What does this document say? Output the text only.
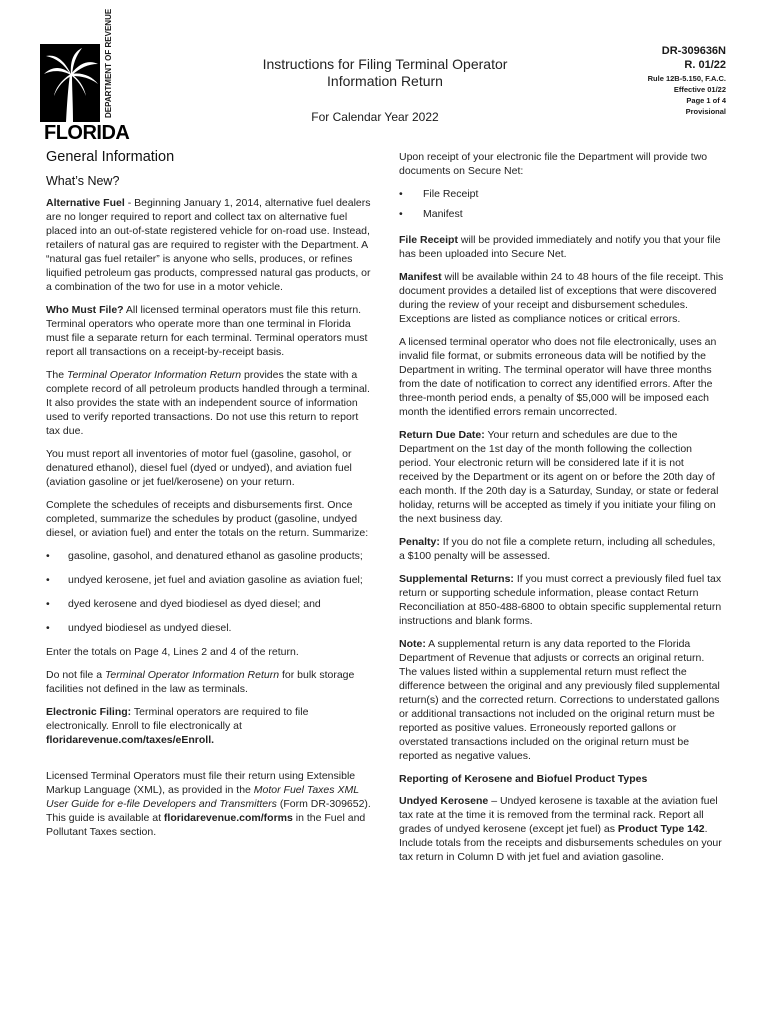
DEPARTMENT OF REVENUE
FLORIDA
Instructions for Filing Terminal Operator Information Return
For Calendar Year 2022
DR-309636N
R. 01/22
Rule 12B-5.150, F.A.C.
Effective 01/22
Page 1 of 4
Provisional
General Information
What’s New?

Alternative Fuel - Beginning January 1, 2014, alternative fuel dealers are no longer required to report and collect tax on alternative fuel placed into an out-of-state registered vehicle for on-road use. Instead, retailers of natural gas are required to register with the Department. A “natural gas fuel retailer” is anyone who sells, produces, or refines liquified petroleum gas products, compressed natural gas products, or a combination of the two for use in a motor vehicle.

Who Must File? All licensed terminal operators must file this return. Terminal operators who operate more than one terminal in Florida must file a separate return for each terminal. Terminal operators must report all transactions on a receipt-by-receipt basis.

The Terminal Operator Information Return provides the state with a complete record of all petroleum products handled through a terminal. It also provides the state with an independent source of information used to verify reported transactions. Do not use this return to report tax due.

You must report all inventories of motor fuel (gasoline, gasohol, or denatured ethanol), diesel fuel (dyed or undyed), and aviation fuel (aviation gasoline or jet fuel/kerosene) on your return.

Complete the schedules of receipts and disbursements first. Once completed, summarize the schedules by product (gasoline, undyed diesel, or aviation fuel) and enter the totals on the return. Summarize:

• gasoline, gasohol, and denatured ethanol as gasoline products;
• undyed kerosene, jet fuel and aviation gasoline as aviation fuel;
• dyed kerosene and dyed biodiesel as dyed diesel; and
• undyed biodiesel as undyed diesel.

Enter the totals on Page 4, Lines 2 and 4 of the return.

Do not file a Terminal Operator Information Return for bulk storage facilities not defined in the law as terminals.

Electronic Filing: Terminal operators are required to file electronically. Enroll to file electronically at floridarevenue.com/taxes/eEnroll.

Licensed Terminal Operators must file their return using Extensible Markup Language (XML), as provided in the Motor Fuel Taxes XML User Guide for e-file Developers and Transmitters (Form DR-309652). This guide is available at floridarevenue.com/forms in the Fuel and Pollutant Taxes section.

Upon receipt of your electronic file the Department will provide two documents on Secure Net:

• File Receipt
• Manifest

File Receipt will be provided immediately and notify you that your file has been uploaded into Secure Net.

Manifest will be available within 24 to 48 hours of the file receipt. This document provides a detailed list of exceptions that were discovered during the review of your receipt and disbursement schedules. Exceptions are listed as compliance notices or critical errors.

A licensed terminal operator who does not file electronically, uses an invalid file format, or submits erroneous data will be notified by the Department in writing. The terminal operator will have three months from the date of notification to correct any identified errors. After the three-month period ends, a penalty of $5,000 will be imposed each month the identified errors remain uncorrected.

Return Due Date: Your return and schedules are due to the Department on the 1st day of the month following the collection period. Your electronic return will be considered late if it is not received by the Department or its agent on or before the 20th day of each month. If the 20th day is a Saturday, Sunday, or state or federal holiday, returns will be accepted as timely if you initiate your filing on the next business day.

Penalty: If you do not file a complete return, including all schedules, a $100 penalty will be assessed.

Supplemental Returns: If you must correct a previously filed fuel tax return or supporting schedule information, please contact Return Reconciliation at 850-488-6800 to obtain specific supplemental return instructions and blank forms.

Note: A supplemental return is any data reported to the Florida Department of Revenue that adjusts or corrects an original return. The values listed within a supplemental return must reflect the difference between the original and any previously filed supplemental return(s) and the corrected return. Corrections to understated gallons or additional transactions not included on the original return must be reported as positive values. Erroneously reported gallons or overstated transactions included on the original return must be reported as negative values.

Reporting of Kerosene and Biofuel Product Types

Undyed Kerosene – Undyed kerosene is taxable at the aviation fuel tax rate at the time it is removed from the terminal rack. Report all grades of undyed kerosene (except jet fuel) as Product Type 142. Include totals from the receipts and disbursements schedules on your tax return in Column D with jet fuel and aviation gasoline.
